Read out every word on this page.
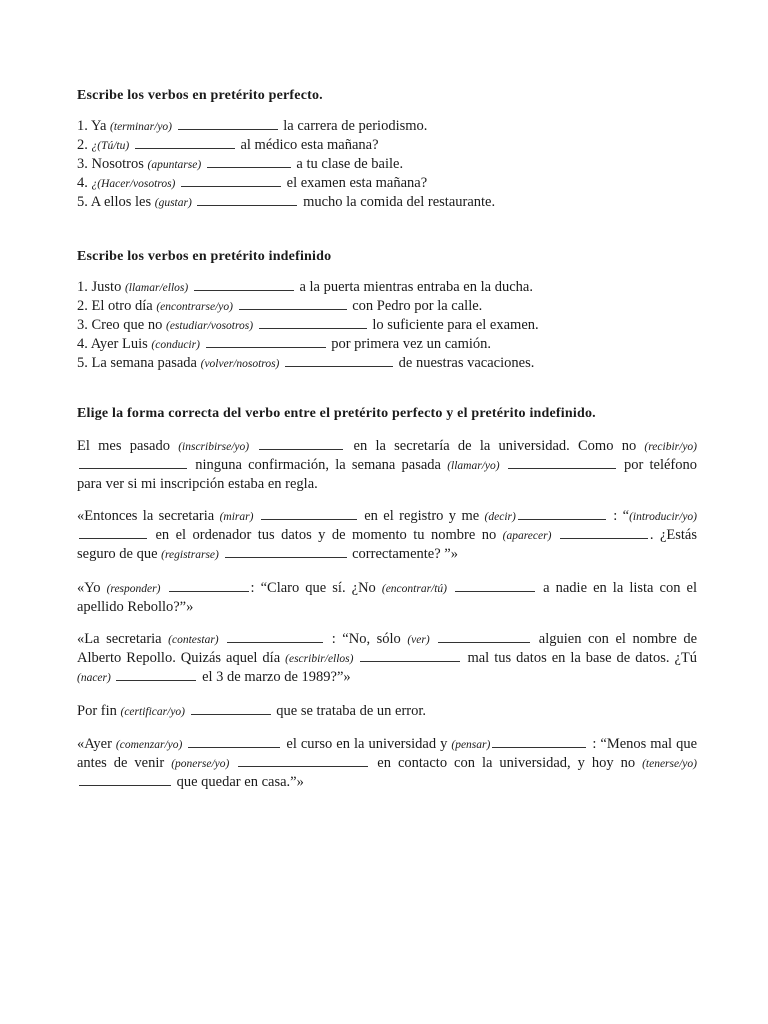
Escribe los verbos en pretérito perfecto.
1. Ya (terminar/yo)	la carrera de periodismo.
2. ¿(Tú/tu)	al médico esta mañana?
3. Nosotros (apuntarse)	a tu clase de baile.
4. ¿(Hacer/vosotros)	el examen esta mañana?
5. A ellos les (gustar)	mucho la comida del restaurante.
Escribe los verbos en pretérito indefinido
1. Justo (llamar/ellos)	a la puerta mientras entraba en la ducha.
2. El otro día (encontrarse/yo)	con Pedro por la calle.
3. Creo que no (estudiar/vosotros)	lo suficiente para el examen.
4. Ayer Luis (conducir)	por primera vez un camión.
5. La semana pasada (volver/nosotros)	de nuestras vacaciones.
Elige la forma correcta del verbo entre el pretérito perfecto y el pretérito indefinido.

El mes pasado (inscribirse/yo)	en la secretaría de la universidad. Como no (recibir/yo)  ninguna confirmación, la semana pasada (llamar/yo)	por teléfono para ver si mi inscripción estaba en regla.

«Entonces la secretaria (mirar)	en el registro y me (decir)	: “(introducir/yo)  en el ordenador tus datos y de momento tu nombre no (aparecer)	. ¿Estás seguro de que (registrarse)	correctamente? ”»

«Yo (responder)	: “Claro que sí. ¿No (encontrar/tú)	a nadie en la lista con el apellido Rebollo?”»

«La secretaria (contestar)	: “No, sólo (ver)	alguien con el nombre de Alberto Repollo. Quizás aquel día (escribir/ellos)	mal tus datos en la base de datos. ¿Tú (nacer)	el 3 de marzo de 1989?”»

Por fin (certificar/yo)	que se trataba de un error.

«Ayer (comenzar/yo)	el curso en la universidad y (pensar)	: “Menos mal que antes de venir (ponerse/yo)	en contacto con la universidad, y hoy no (tenerse/yo)  que quedar en casa.”»
